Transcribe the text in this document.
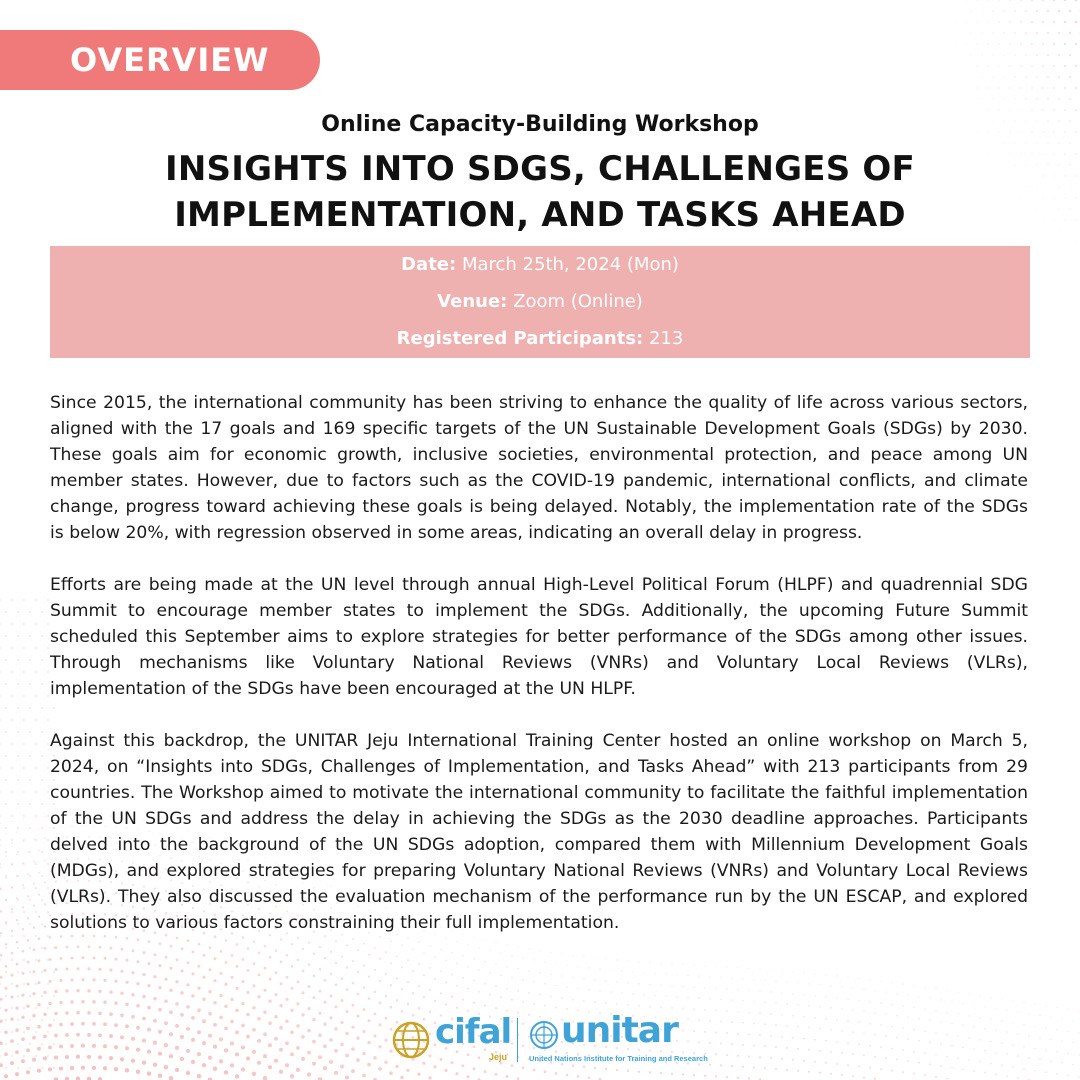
OVERVIEW
Online Capacity-Building Workshop
INSIGHTS INTO SDGS, CHALLENGES OF IMPLEMENTATION, AND TASKS AHEAD
Date: March 25th, 2024 (Mon)
Venue: Zoom (Online)
Registered Participants: 213

Since 2015, the international community has been striving to enhance the quality of life across various sectors, aligned with the 17 goals and 169 specific targets of the UN Sustainable Development Goals (SDGs) by 2030. These goals aim for economic growth, inclusive societies, environmental protection, and peace among UN member states. However, due to factors such as the COVID-19 pandemic, international conflicts, and climate change, progress toward achieving these goals is being delayed. Notably, the implementation rate of the SDGs is below 20%, with regression observed in some areas, indicating an overall delay in progress.

Efforts are being made at the UN level through annual High-Level Political Forum (HLPF) and quadrennial SDG Summit to encourage member states to implement the SDGs. Additionally, the upcoming Future Summit scheduled this September aims to explore strategies for better performance of the SDGs among other issues. Through mechanisms like Voluntary National Reviews (VNRs) and Voluntary Local Reviews (VLRs), implementation of the SDGs have been encouraged at the UN HLPF.

Against this backdrop, the UNITAR Jeju International Training Center hosted an online workshop on March 5, 2024, on “Insights into SDGs, Challenges of Implementation, and Tasks Ahead” with 213 participants from 29 countries. The Workshop aimed to motivate the international community to facilitate the faithful implementation of the UN SDGs and address the delay in achieving the SDGs as the 2030 deadline approaches. Participants delved into the background of the UN SDGs adoption, compared them with Millennium Development Goals (MDGs), and explored strategies for preparing Voluntary National Reviews (VNRs) and Voluntary Local Reviews (VLRs). They also discussed the evaluation mechanism of the performance run by the UN ESCAP, and explored solutions to various factors constraining their full implementation.

cifal
Jeju
unitar
United Nations Institute for Training and Research
